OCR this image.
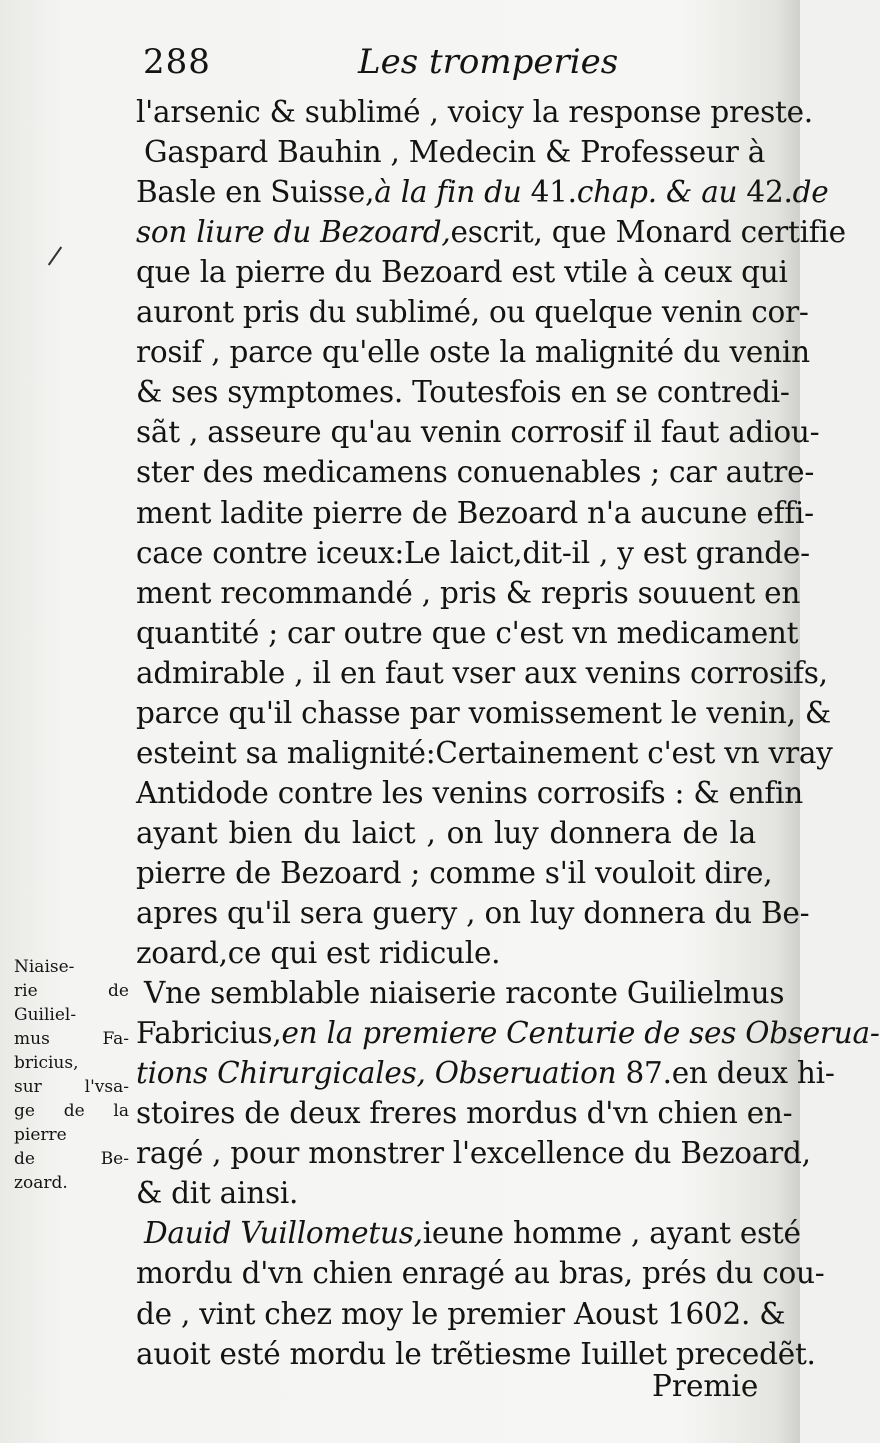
288	Les tromperies
l'arsenic & sublimé , voicy la response preste.
Gaspard Bauhin , Medecin & Professeur à
Basle en Suisse,à la fin du 41.chap. & au 42.de
son liure du Bezoard,escrit, que Monard certifie
que la pierre du Bezoard est vtile à ceux qui
auront pris du sublimé, ou quelque venin cor-
rosif , parce qu'elle oste la malignité du venin
& ses symptomes. Toutesfois en se contredi-
sãt , asseure qu'au venin corrosif il faut adiou-
ster des medicamens conuenables ; car autre-
ment ladite pierre de Bezoard n'a aucune effi-
cace contre iceux:Le laict,dit-il , y est grande-
ment recommandé , pris & repris souuent en
quantité ; car outre que c'est vn medicament
admirable , il en faut vser aux venins corrosifs,
parce qu'il chasse par vomissement le venin, &
esteint sa malignité:Certainement c'est vn vray
Antidode contre les venins corrosifs : & enfin
ayant bien du laict , on luy donnera de la
pierre de Bezoard ; comme s'il vouloit dire,
apres qu'il sera guery , on luy donnera du Be-
zoard,ce qui est ridicule.
Vne semblable niaiserie raconte Guilielmus
Fabricius,en la premiere Centurie de ses Obserua-
tions Chirurgicales, Obseruation 87.en deux hi-
stoires de deux freres mordus d'vn chien en-
ragé , pour monstrer l'excellence du Bezoard,
& dit ainsi.
Dauid Vuillometus,ieune homme , ayant esté
mordu d'vn chien enragé au bras, prés du cou-
de , vint chez moy le premier Aoust 1602. &
auoit esté mordu le trẽtiesme Iuillet precedẽt.
Niaise-
rie de
Guiliel-
mus Fa-
bricius,
sur l'vsa-
ge de la
pierre
de Be-
zoard.
Premie
